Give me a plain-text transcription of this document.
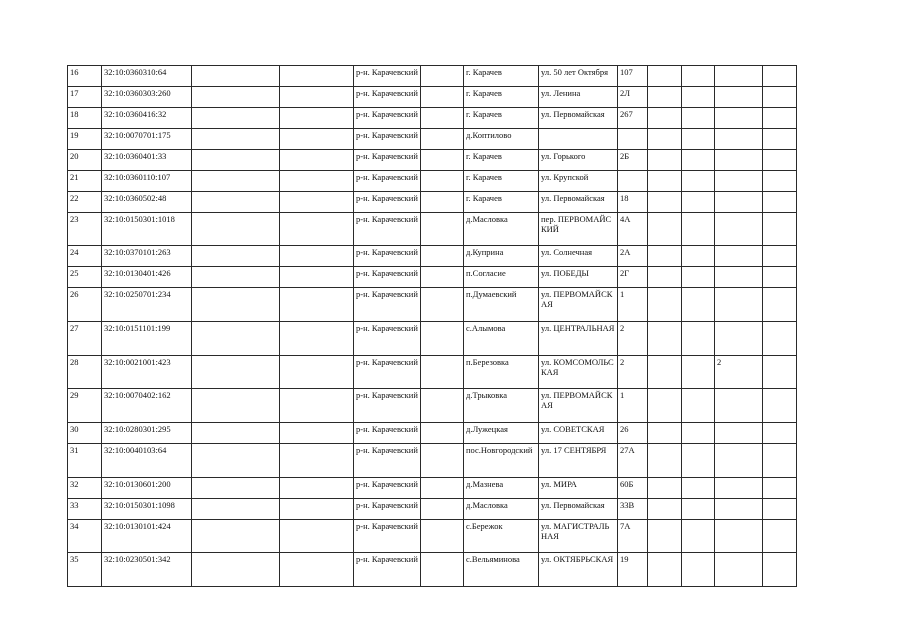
16	32:10:0360310:64			р-н. Карачевский		г. Карачев	ул. 50 лет Октября	107				
17	32:10:0360303:260			р-н. Карачевский		г. Карачев	ул. Ленина	2Л				
18	32:10:0360416:32			р-н. Карачевский		г. Карачев	ул. Первомайская	267				
19	32:10:0070701:175			р-н. Карачевский		д.Коптилово						
20	32:10:0360401:33			р-н. Карачевский		г. Карачев	ул. Горького	2Б				
21	32:10:0360110:107			р-н. Карачевский		г. Карачев	ул. Крупской					
22	32:10:0360502:48			р-н. Карачевский		г. Карачев	ул. Первомайская	18				
23	32:10:0150301:1018			р-н. Карачевский		д.Масловка	пер. ПЕРВОМАЙСКИЙ	4А				
24	32:10:0370101:263			р-н. Карачевский		д.Куприна	ул. Солнечная	2А				
25	32:10:0130401:426			р-н. Карачевский		п.Согласие	ул. ПОБЕДЫ	2Г				
26	32:10:0250701:234			р-н. Карачевский		п.Думаевский	ул. ПЕРВОМАЙСКАЯ	1				
27	32:10:0151101:199			р-н. Карачевский		с.Алымова	ул. ЦЕНТРАЛЬНАЯ	2				
28	32:10:0021001:423			р-н. Карачевский		п.Березовка	ул. КОМСОМОЛЬСКАЯ	2			2	
29	32:10:0070402:162			р-н. Карачевский		д.Трыковка	ул. ПЕРВОМАЙСКАЯ	1				
30	32:10:0280301:295			р-н. Карачевский		д.Лужецкая	ул. СОВЕТСКАЯ	26				
31	32:10:0040103:64			р-н. Карачевский		пос.Новгородский	ул. 17 СЕНТЯБРЯ	27А				
32	32:10:0130601:200			р-н. Карачевский		д.Мазнева	ул. МИРА	60Б				
33	32:10:0150301:1098			р-н. Карачевский		д.Масловка	ул. Первомайская	33В				
34	32:10:0130101:424			р-н. Карачевский		с.Бережок	ул. МАГИСТРАЛЬНАЯ	7А				
35	32:10:0230501:342			р-н. Карачевский		с.Вельяминова	ул. ОКТЯБРЬСКАЯ	19				
